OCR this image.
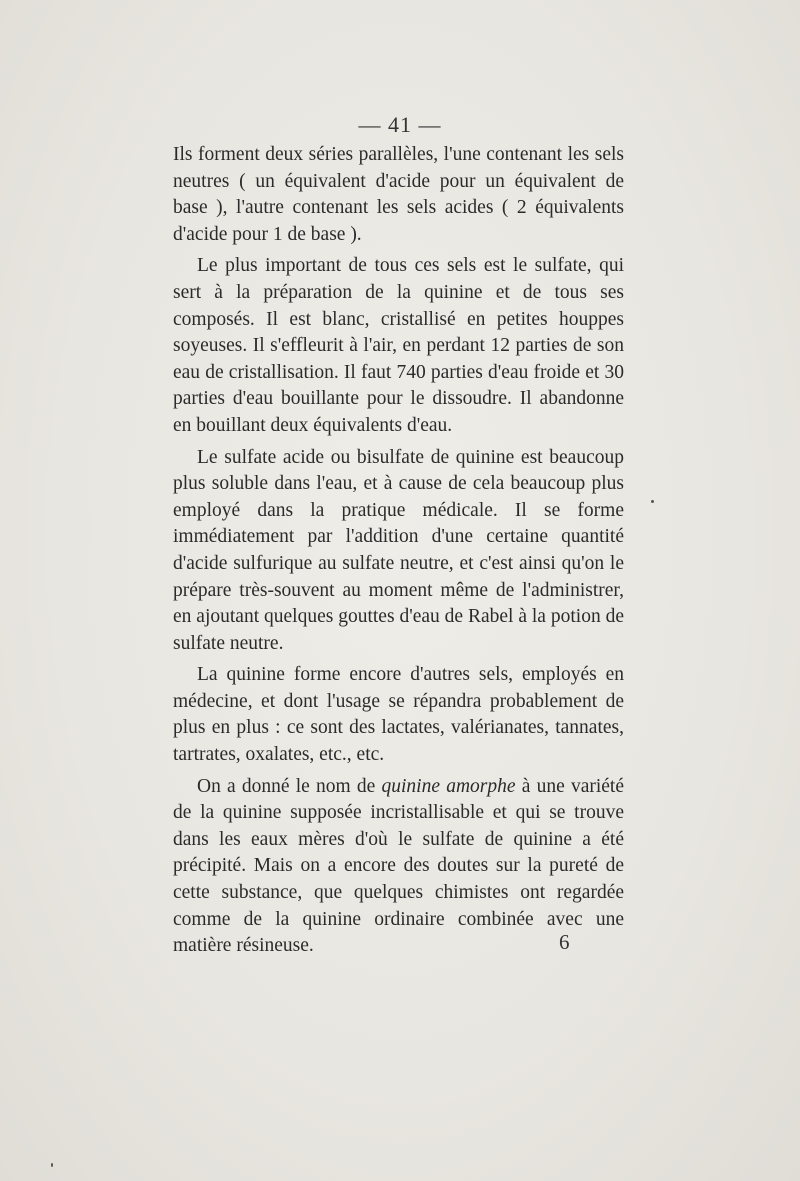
— 41 —

Ils forment deux séries parallèles, l'une contenant les sels neutres ( un équivalent d'acide pour un équivalent de base ), l'autre contenant les sels acides ( 2 équivalents d'acide pour 1 de base ).

Le plus important de tous ces sels est le sulfate, qui sert à la préparation de la quinine et de tous ses composés. Il est blanc, cristallisé en petites houppes soyeuses. Il s'effleurit à l'air, en perdant 12 parties de son eau de cristallisation. Il faut 740 parties d'eau froide et 30 parties d'eau bouillante pour le dissoudre. Il abandonne en bouillant deux équivalents d'eau.

Le sulfate acide ou bisulfate de quinine est beaucoup plus soluble dans l'eau, et à cause de cela beaucoup plus employé dans la pratique médicale. Il se forme immédiatement par l'addition d'une certaine quantité d'acide sulfurique au sulfate neutre, et c'est ainsi qu'on le prépare très-souvent au moment même de l'administrer, en ajoutant quelques gouttes d'eau de Rabel à la potion de sulfate neutre.

La quinine forme encore d'autres sels, employés en médecine, et dont l'usage se répandra probablement de plus en plus : ce sont des lactates, valérianates, tannates, tartrates, oxalates, etc., etc.

On a donné le nom de quinine amorphe à une variété de la quinine supposée incristallisable et qui se trouve dans les eaux mères d'où le sulfate de quinine a été précipité. Mais on a encore des doutes sur la pureté de cette substance, que quelques chimistes ont regardée comme de la quinine ordinaire combinée avec une matière résineuse.	6
